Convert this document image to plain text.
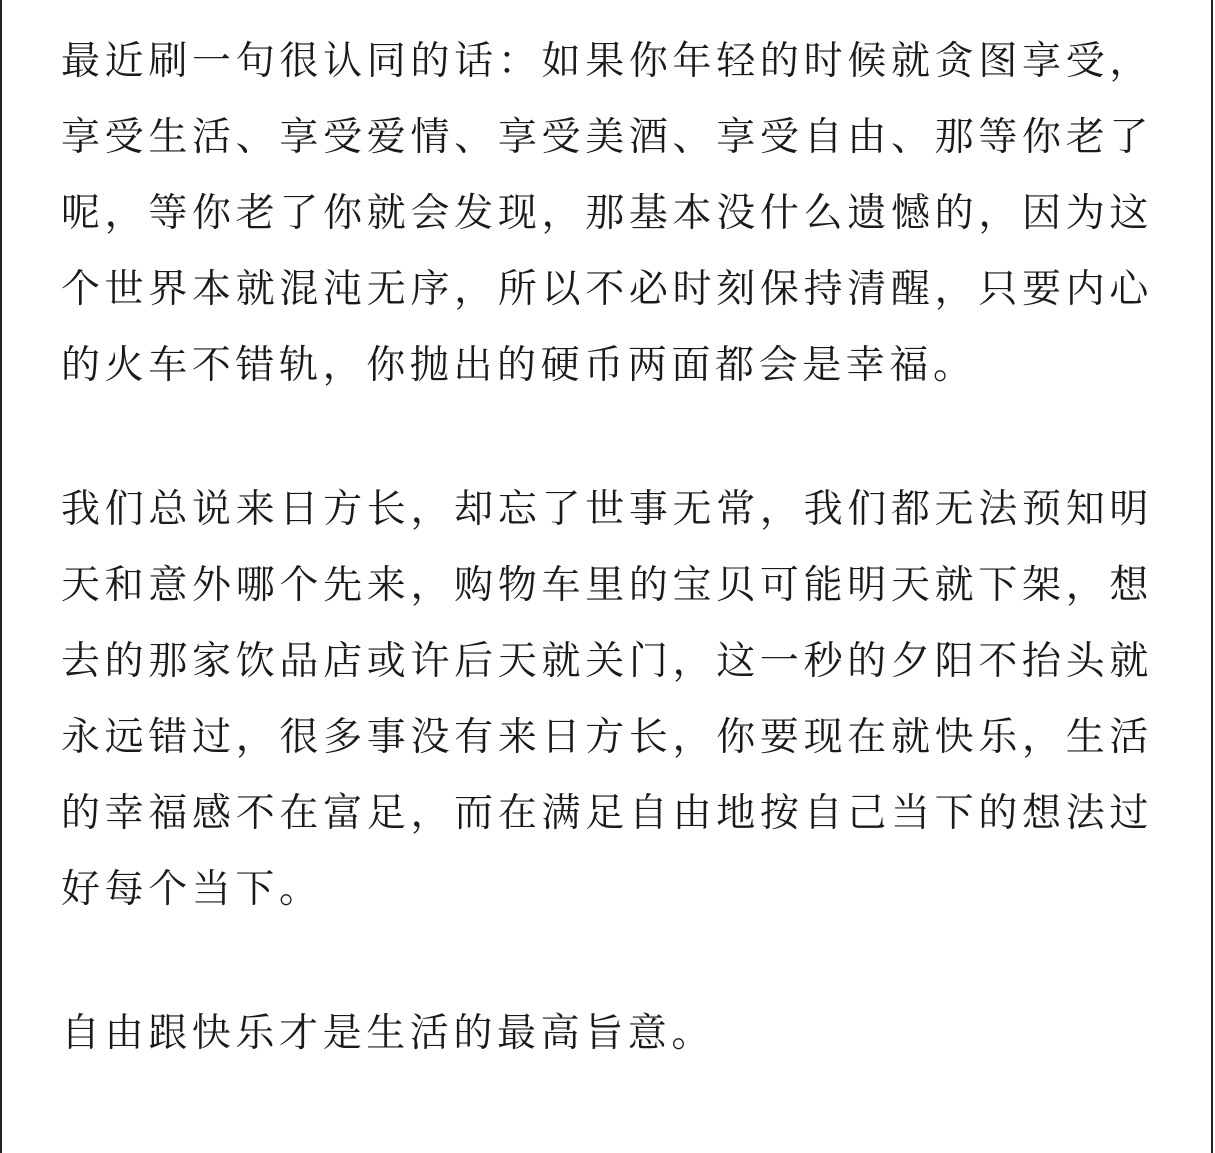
最近刷一句很认同的话：如果你年轻的时候就贪图享受，享受生活、享受爱情、享受美酒、享受自由、那等你老了呢，等你老了你就会发现，那基本没什么遗憾的，因为这个世界本就混沌无序，所以不必时刻保持清醒，只要内心的火车不错轨，你抛出的硬币两面都会是幸福。

我们总说来日方长，却忘了世事无常，我们都无法预知明天和意外哪个先来，购物车里的宝贝可能明天就下架，想去的那家饮品店或许后天就关门，这一秒的夕阳不抬头就永远错过，很多事没有来日方长，你要现在就快乐，生活的幸福感不在富足，而在满足自由地按自己当下的想法过好每个当下。

自由跟快乐才是生活的最高旨意。
